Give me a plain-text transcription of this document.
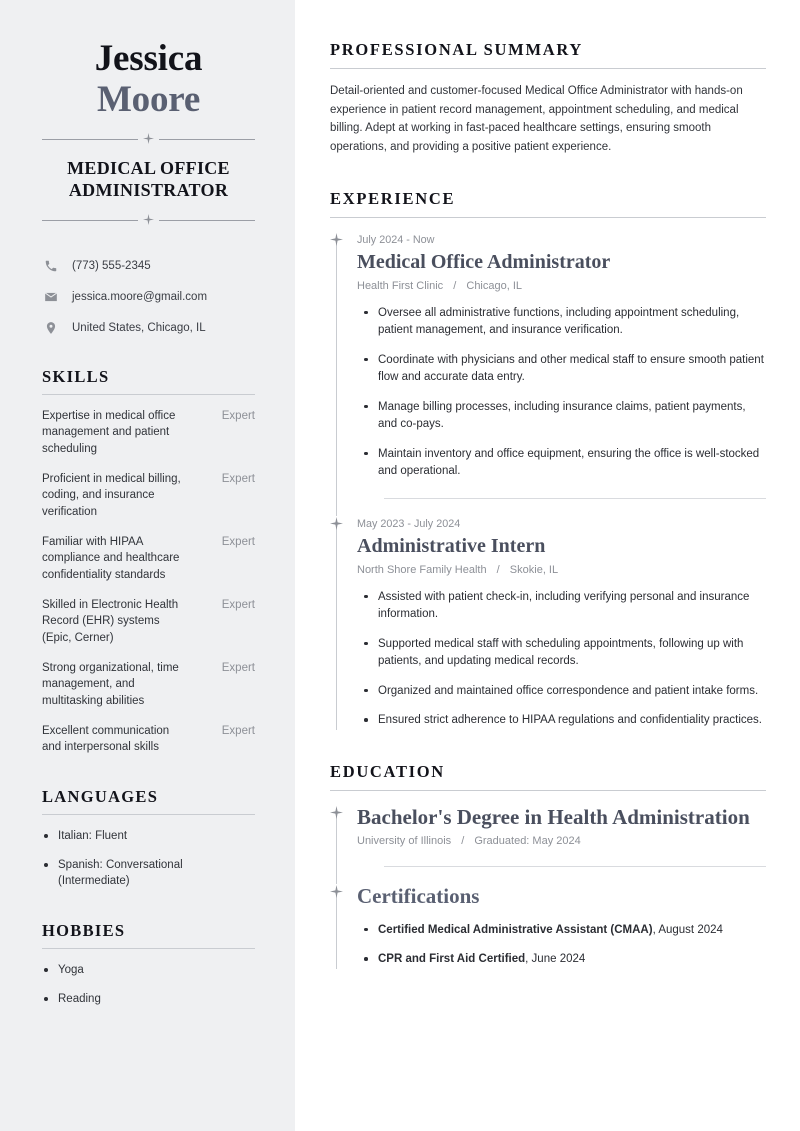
Jessica
Moore
MEDICAL OFFICE ADMINISTRATOR
(773) 555-2345
jessica.moore@gmail.com
United States, Chicago, IL
SKILLS
Expertise in medical office management and patient scheduling
Expert
Proficient in medical billing, coding, and insurance verification
Expert
Familiar with HIPAA compliance and healthcare confidentiality standards
Expert
Skilled in Electronic Health Record (EHR) systems (Epic, Cerner)
Expert
Strong organizational, time management, and multitasking abilities
Expert
Excellent communication and interpersonal skills
Expert
LANGUAGES
Italian: Fluent
Spanish: Conversational (Intermediate)
HOBBIES
Yoga
Reading
PROFESSIONAL SUMMARY

Detail-oriented and customer-focused Medical Office Administrator with hands-on experience in patient record management, appointment scheduling, and medical billing. Adept at working in fast-paced healthcare settings, ensuring smooth operations, and providing a positive patient experience.

EXPERIENCE
July 2024 - Now
Medical Office Administrator
Health First Clinic / Chicago, IL
Oversee all administrative functions, including appointment scheduling, patient management, and insurance verification.
Coordinate with physicians and other medical staff to ensure smooth patient flow and accurate data entry.
Manage billing processes, including insurance claims, patient payments, and co-pays.
Maintain inventory and office equipment, ensuring the office is well-stocked and operational.
May 2023 - July 2024
Administrative Intern
North Shore Family Health / Skokie, IL
Assisted with patient check-in, including verifying personal and insurance information.
Supported medical staff with scheduling appointments, following up with patients, and updating medical records.
Organized and maintained office correspondence and patient intake forms.
Ensured strict adherence to HIPAA regulations and confidentiality practices.
EDUCATION
Bachelor's Degree in Health Administration
University of Illinois / Graduated: May 2024
Certifications
Certified Medical Administrative Assistant (CMAA), August 2024
CPR and First Aid Certified, June 2024
